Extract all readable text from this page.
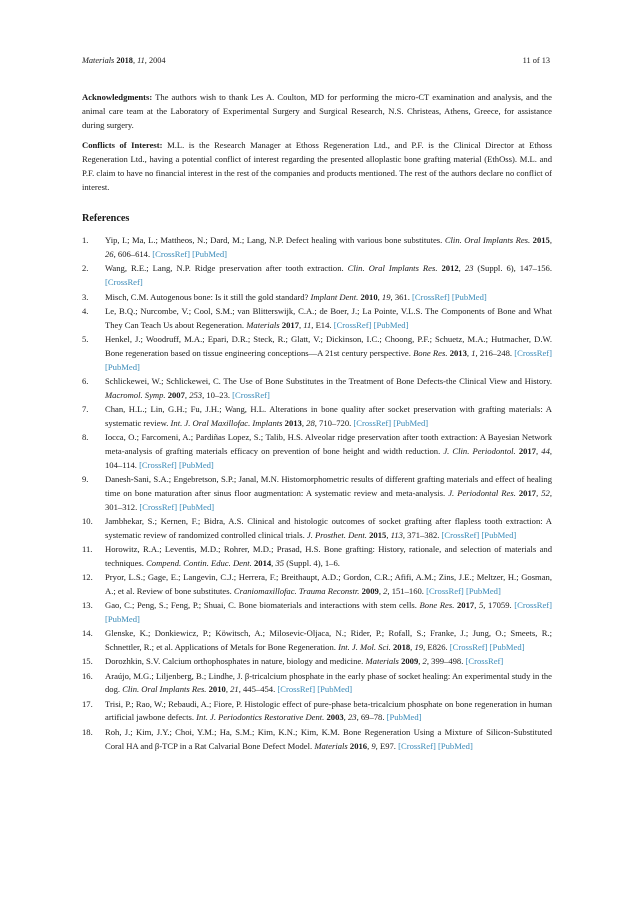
Materials 2018, 11, 2004	11 of 13

Acknowledgments: The authors wish to thank Les A. Coulton, MD for performing the micro-CT examination and analysis, and the animal care team at the Laboratory of Experimental Surgery and Surgical Research, N.S. Christeas, Athens, Greece, for assistance during surgery.

Conflicts of Interest: M.L. is the Research Manager at Ethoss Regeneration Ltd., and P.F. is the Clinical Director at Ethoss Regeneration Ltd., having a potential conflict of interest regarding the presented alloplastic bone grafting material (EthOss). M.L. and P.F. claim to have no financial interest in the rest of the companies and products mentioned. The rest of the authors declare no conflict of interest.

References
1. Yip, I.; Ma, L.; Mattheos, N.; Dard, M.; Lang, N.P. Defect healing with various bone substitutes. Clin. Oral Implants Res. 2015, 26, 606–614. [CrossRef] [PubMed]
2. Wang, R.E.; Lang, N.P. Ridge preservation after tooth extraction. Clin. Oral Implants Res. 2012, 23 (Suppl. 6), 147–156. [CrossRef]
3. Misch, C.M. Autogenous bone: Is it still the gold standard? Implant Dent. 2010, 19, 361. [CrossRef] [PubMed]
4. Le, B.Q.; Nurcombe, V.; Cool, S.M.; van Blitterswijk, C.A.; de Boer, J.; La Pointe, V.L.S. The Components of Bone and What They Can Teach Us about Regeneration. Materials 2017, 11, E14. [CrossRef] [PubMed]
5. Henkel, J.; Woodruff, M.A.; Epari, D.R.; Steck, R.; Glatt, V.; Dickinson, I.C.; Choong, P.F.; Schuetz, M.A.; Hutmacher, D.W. Bone regeneration based on tissue engineering conceptions—A 21st century perspective. Bone Res. 2013, 1, 216–248. [CrossRef] [PubMed]
6. Schlickewei, W.; Schlickewei, C. The Use of Bone Substitutes in the Treatment of Bone Defects-the Clinical View and History. Macromol. Symp. 2007, 253, 10–23. [CrossRef]
7. Chan, H.L.; Lin, G.H.; Fu, J.H.; Wang, H.L. Alterations in bone quality after socket preservation with grafting materials: A systematic review. Int. J. Oral Maxillofac. Implants 2013, 28, 710–720. [CrossRef] [PubMed]
8. Iocca, O.; Farcomeni, A.; Pardiñas Lopez, S.; Talib, H.S. Alveolar ridge preservation after tooth extraction: A Bayesian Network meta-analysis of grafting materials efficacy on prevention of bone height and width reduction. J. Clin. Periodontol. 2017, 44, 104–114. [CrossRef] [PubMed]
9. Danesh-Sani, S.A.; Engebretson, S.P.; Janal, M.N. Histomorphometric results of different grafting materials and effect of healing time on bone maturation after sinus floor augmentation: A systematic review and meta-analysis. J. Periodontal Res. 2017, 52, 301–312. [CrossRef] [PubMed]
10. Jambhekar, S.; Kernen, F.; Bidra, A.S. Clinical and histologic outcomes of socket grafting after flapless tooth extraction: A systematic review of randomized controlled clinical trials. J. Prosthet. Dent. 2015, 113, 371–382. [CrossRef] [PubMed]
11. Horowitz, R.A.; Leventis, M.D.; Rohrer, M.D.; Prasad, H.S. Bone grafting: History, rationale, and selection of materials and techniques. Compend. Contin. Educ. Dent. 2014, 35 (Suppl. 4), 1–6.
12. Pryor, L.S.; Gage, E.; Langevin, C.J.; Herrera, F.; Breithaupt, A.D.; Gordon, C.R.; Afifi, A.M.; Zins, J.E.; Meltzer, H.; Gosman, A.; et al. Review of bone substitutes. Craniomaxillofac. Trauma Reconstr. 2009, 2, 151–160. [CrossRef] [PubMed]
13. Gao, C.; Peng, S.; Feng, P.; Shuai, C. Bone biomaterials and interactions with stem cells. Bone Res. 2017, 5, 17059. [CrossRef] [PubMed]
14. Glenske, K.; Donkiewicz, P.; Köwitsch, A.; Milosevic-Oljaca, N.; Rider, P.; Rofall, S.; Franke, J.; Jung, O.; Smeets, R.; Schnettler, R.; et al. Applications of Metals for Bone Regeneration. Int. J. Mol. Sci. 2018, 19, E826. [CrossRef] [PubMed]
15. Dorozhkin, S.V. Calcium orthophosphates in nature, biology and medicine. Materials 2009, 2, 399–498. [CrossRef]
16. Araújo, M.G.; Liljenberg, B.; Lindhe, J. β-tricalcium phosphate in the early phase of socket healing: An experimental study in the dog. Clin. Oral Implants Res. 2010, 21, 445–454. [CrossRef] [PubMed]
17. Trisi, P.; Rao, W.; Rebaudi, A.; Fiore, P. Histologic effect of pure-phase beta-tricalcium phosphate on bone regeneration in human artificial jawbone defects. Int. J. Periodontics Restorative Dent. 2003, 23, 69–78. [PubMed]
18. Roh, J.; Kim, J.Y.; Choi, Y.M.; Ha, S.M.; Kim, K.N.; Kim, K.M. Bone Regeneration Using a Mixture of Silicon-Substituted Coral HA and β-TCP in a Rat Calvarial Bone Defect Model. Materials 2016, 9, E97. [CrossRef] [PubMed]
